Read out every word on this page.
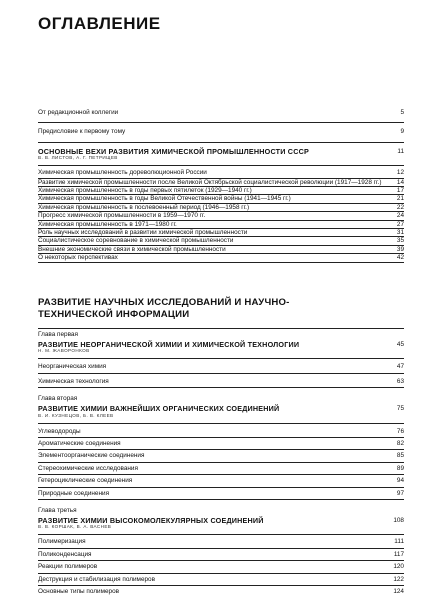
ОГЛАВЛЕНИЕ
От редакционной коллегии	5
Предисловие к первому тому	9
ОСНОВНЫЕ ВЕХИ РАЗВИТИЯ ХИМИЧЕСКОЙ ПРОМЫШЛЕННОСТИ СССР	11
В. В. ЛИСТОВ, А. Г. ПЕТРИЩЕВ
Химическая промышленность дореволюционной России	12
Развитие химической промышленности после Великой Октябрьской социалистической революции (1917—1928 гг.)	14
Химическая промышленность в годы первых пятилеток (1929—1940 гг.)	17
Химическая промышленность в годы Великой Отечественной войны (1941—1945 гг.)	21
Химическая промышленность в послевоенный период (1946—1958 гг.)	22
Прогресс химической промышленности в 1959—1970 гг.	24
Химическая промышленность в 1971—1980 гг.	27
Роль научных исследований в развитии химической промышленности	31
Социалистическое соревнование в химической промышленности	35
Внешние экономические связи в химической промышленности	39
О некоторых перспективах	42
РАЗВИТИЕ НАУЧНЫХ ИССЛЕДОВАНИЙ И НАУЧНО-ТЕХНИЧЕСКОЙ ИНФОРМАЦИИ
Глава первая
РАЗВИТИЕ НЕОРГАНИЧЕСКОЙ ХИМИИ И ХИМИЧЕСКОЙ ТЕХНОЛОГИИ	45
Н. М. ЖАВОРОНКОВ
Неорганическая химия	47
Химическая технология	63
Глава вторая
РАЗВИТИЕ ХИМИИ ВАЖНЕЙШИХ ОРГАНИЧЕСКИХ СОЕДИНЕНИЙ	75
В. И. КУЗНЕЦОВ, Б. В. КЛЕЕВ
Углеводороды	76
Ароматические соединения	82
Элементоорганические соединения	85
Стереохимические исследования	89
Гетероциклические соединения	94
Природные соединения	97
Глава третья
РАЗВИТИЕ ХИМИИ ВЫСОКОМОЛЕКУЛЯРНЫХ СОЕДИНЕНИЙ	108
В. В. КОРШАК, В. А. ВАСНЕВ
Полимеризация	111
Поликонденсация	117
Реакции полимеров	120
Деструкция и стабилизация полимеров	122
Основные типы полимеров	124
